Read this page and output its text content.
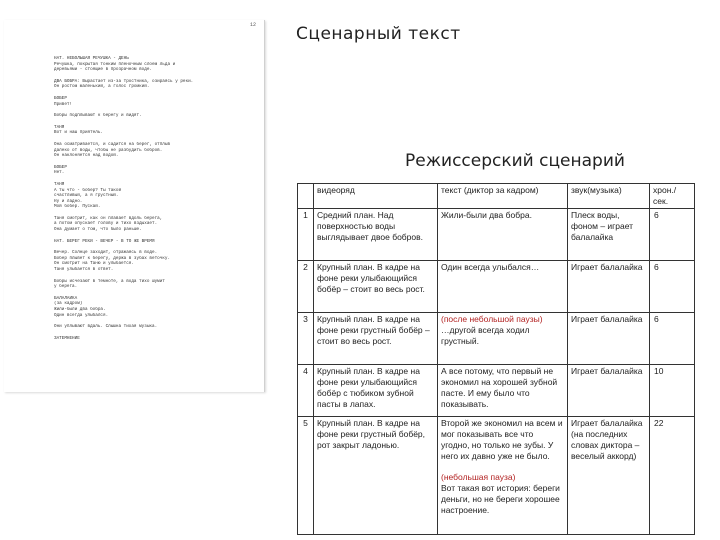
12
НАТ. НЕБОЛЬШАЯ РЕЧУШКА - ДЕНЬ
Речушка, покрытая тонким плёночным слоем льда и
деревьями - стоящие в прозрачном воде.
ДВА БОБРА: Вырастает из-за тростника, озираясь у реки.
Он ростом маленький, а голос громкий.
БОБЁР
Привет!
Бобры подплывают к берегу и видят.
ТАНЯ
Вот и наш приятель.
Она осматривается, и садится на берег, отплыв
далеко от воды, чтобы не разбудить бобров.
Он наклоняется над водой.
БОБЁР
Нет.
ТАНЯ
А ты что - бобёр? Ты такой
счастливый, а я грустный.
Ну и ладно.
Мой бобёр. Пускай.
Таня смотрит, как он плавает вдоль берега,
а потом опускает голову и тихо вздыхает.
Она думает о том, что было раньше.
НАТ. БЕРЕГ РЕКИ - ВЕЧЕР - В ТО ЖЕ ВРЕМЯ
Вечер. Солнце заходит, отражаясь в воде.
Бобёр плывёт к берегу, держа в зубах веточку.
Он смотрит на Таню и улыбается.
Таня улыбается в ответ.
Бобры исчезают в темноте, а вода тихо шумит
у берега.
БАЛАЛАЙКА
(за кадром)
Жили-были два бобра.
Один всегда улыбался.
Они уплывают вдаль. Слышна тихая музыка.
ЗАТЕМНЕНИЕ
Сценарный текст
Режиссерский сценарий
	видеоряд	текст (диктор за кадром)	звук(музыка)	хрон./сек.
1	Средний план. Над поверхностью воды выглядывает двое бобров.	Жили-были два бобра.	Плеск воды, фоном – играет балалайка	6
2	Крупный план. В кадре на фоне реки улыбающийся бобёр – стоит во весь рост.	Один всегда улыбался…	Играет балалайка	6
3	Крупный план. В кадре на фоне реки грустный бобёр – стоит во весь рост.	(после небольшой паузы)
…другой всегда ходил грустный.	Играет балалайка	6
4	Крупный план. В кадре на фоне реки улыбающийся бобёр с тюбиком зубной пасты в лапах.	А все потому, что первый не экономил на хорошей зубной пасте. И ему было что показывать.	Играет балалайка	10
5	Крупный план. В кадре на фоне реки грустный бобёр, рот закрыт ладонью.	Второй же экономил на всем и мог показывать все что угодно, но только не зубы. У него их давно уже не было.
(небольшая пауза)
Вот такая вот история: береги деньги, но не береги хорошее настроение.	Играет балалайка (на последних словах диктора – веселый аккорд)	22
